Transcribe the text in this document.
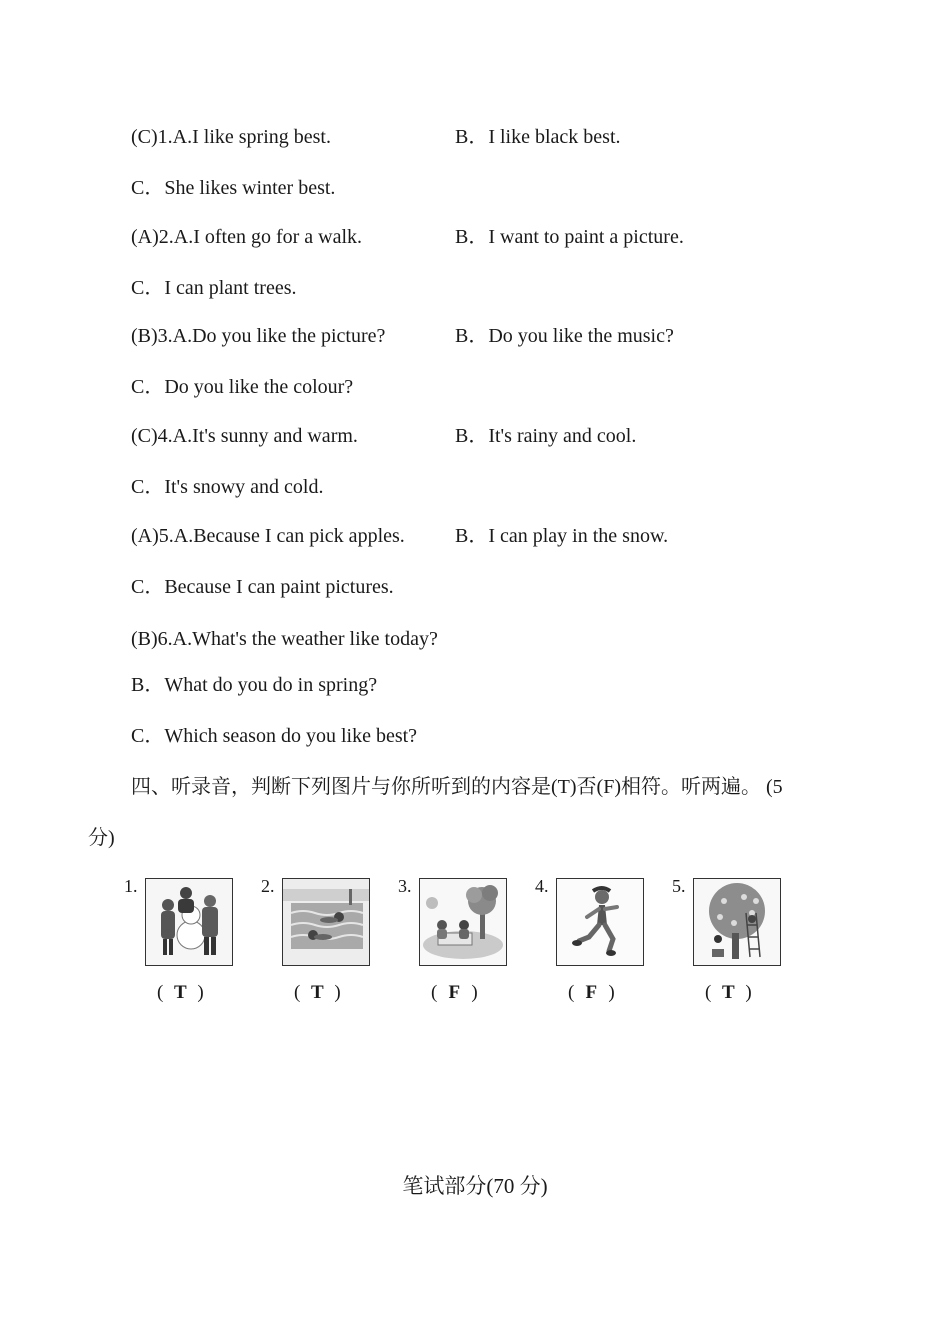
(C)1.A.I like spring best.	B．I like black best.
C．She likes winter best.
(A)2.A.I often go for a walk.	B．I want to paint a picture.
C．I can plant trees.
(B)3.A.Do you like the picture?	B．Do you like the music?
C．Do you like the colour?
(C)4.A.It's sunny and warm.	B．It's rainy and cool.
C．It's snowy and cold.
(A)5.A.Because I can pick apples.	B．I can play in the snow.
C．Because I can paint pictures.
(B)6.A.What's the weather like today?
B．What do you do in spring?
C．Which season do you like best?
四、听录音，判断下列图片与你所听到的内容是(T)否(F)相符。听两遍。 (5
分)
1.
( T )
2.
( T )
3.
( F )
4.
( F )
5.
( T )
笔试部分(70 分)
